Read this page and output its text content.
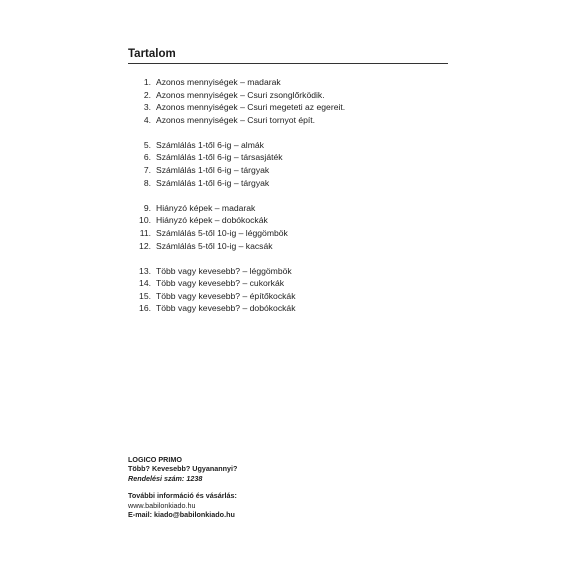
Tartalom
1. Azonos mennyiségek – madarak
2. Azonos mennyiségek – Csuri zsonglőrködik.
3. Azonos mennyiségek – Csuri megeteti az egereit.
4. Azonos mennyiségek – Csuri tornyot épít.
5. Számlálás 1-től 6-ig – almák
6. Számlálás 1-től 6-ig – társasjáték
7. Számlálás 1-től 6-ig – tárgyak
8. Számlálás 1-től 6-ig – tárgyak
9. Hiányzó képek – madarak
10. Hiányzó képek – dobókockák
11. Számlálás 5-től 10-ig – léggömbök
12. Számlálás 5-től 10-ig – kacsák
13. Több vagy kevesebb? – léggömbök
14. Több vagy kevesebb? – cukorkák
15. Több vagy kevesebb? – építőkockák
16. Több vagy kevesebb? – dobókockák
LOGICO PRIMO
Több? Kevesebb? Ugyanannyi?
Rendelési szám: 1238
További információ és vásárlás:
www.babilonkiado.hu
E-mail: kiado@babilonkiado.hu
